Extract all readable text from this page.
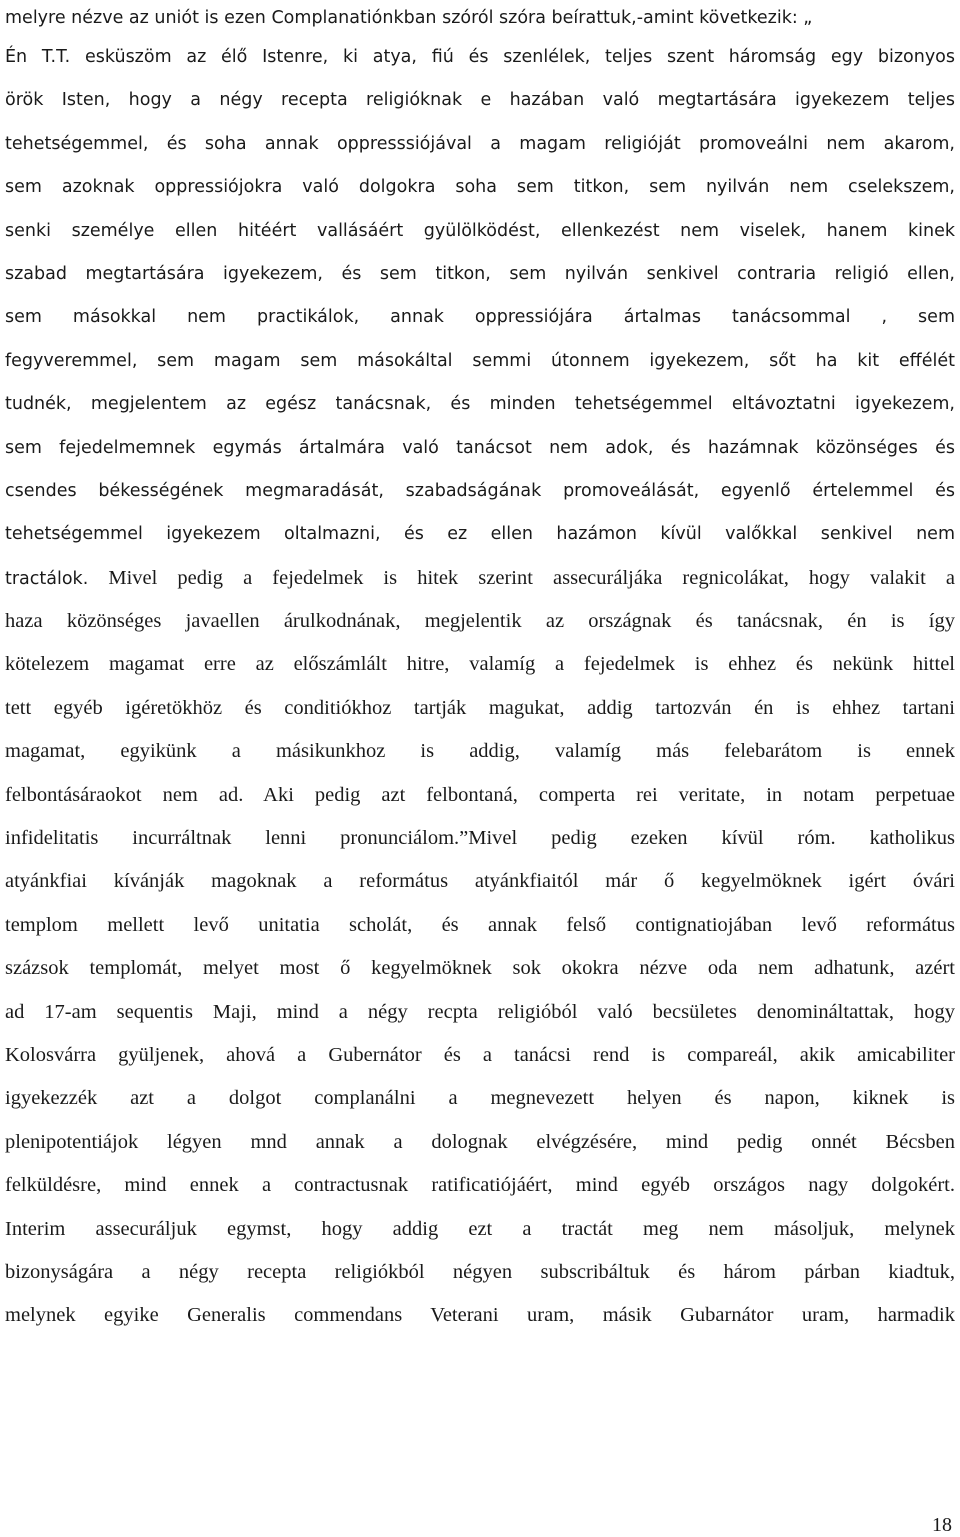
melyre nézve az uniót is ezen Complanatiónkban szóról szóra beírattuk,-amint következik: „
Én T.T. esküszöm az élő Istenre, ki atya, fiú és szenlélek, teljes szent háromság egy bizonyos
örök Isten, hogy a négy recepta religióknak e hazában való megtartására igyekezem teljes
tehetségemmel, és soha annak oppresssiójával a magam religióját promoveálni nem akarom,
sem azoknak oppressiójokra való dolgokra soha sem titkon, sem nyilván nem cselekszem,
senki személye ellen hitéért vallásáért gyülölködést, ellenkezést nem viselek, hanem kinek
szabad megtartására igyekezem, és sem titkon, sem nyilván senkivel contraria religió ellen,
sem másokkal nem practikálok, annak oppressiójára ártalmas tanácsommal , sem
fegyveremmel, sem magam sem másokáltal semmi útonnem igyekezem, sőt ha kit effélét
tudnék, megjelentem az egész tanácsnak, és minden tehetségemmel eltávoztatni igyekezem,
sem fejedelmemnek egymás ártalmára való tanácsot nem adok, és hazámnak közönséges és
csendes békességének megmaradását, szabadságának promoveálását, egyenlő értelemmel és
tehetségemmel igyekezem oltalmazni, és ez ellen hazámon kívül valőkkal senkivel nem
tractálok. Mivel pedig a fejedelmek is hitek szerint assecuráljáka regnicolákat, hogy valakit a
haza közönséges javaellen árulkodnának, megjelentik az országnak és tanácsnak, én is így
kötelezem magamat erre az előszámlált hitre, valamíg a fejedelmek is ehhez és nekünk hittel
tett egyéb igéretökhöz és conditiókhoz tartják magukat, addig tartozván én is ehhez tartani
magamat, egyikünk a másikunkhoz is addig, valamíg más felebarátom is ennek
felbontásáraokot nem ad. Aki pedig azt felbontaná, comperta rei veritate, in notam perpetuae
infidelitatis incurráltnak lenni pronunciálom.”Mivel pedig ezeken kívül róm. katholikus
atyánkfiai kívánják magoknak a református atyánkfiaitól már ő kegyelmöknek igért óvári
templom mellett levő unitatia scholát, és annak felső contignatiojában levő református
százsok templomát, melyet most ő kegyelmöknek sok okokra nézve oda nem adhatunk, azért
ad 17-am sequentis Maji, mind a négy recpta religióból való becsületes denomináltattak, hogy
Kolosvárra gyüljenek, ahová a Gubernátor és a tanácsi rend is compareál, akik amicabiliter
igyekezzék azt a dolgot complanálni a megnevezett helyen és napon, kiknek is
plenipotentiájok légyen mnd annak a dolognak elvégzésére, mind pedig onnét Bécsben
felküldésre, mind ennek a contractusnak ratificatiójáért, mind egyéb országos nagy dolgokért.
Interim assecuráljuk egymst, hogy addig ezt a tractát meg nem másoljuk, melynek
bizonyságára a négy recepta religiókból négyen subscribáltuk és három párban kiadtuk,
melynek egyike Generalis commendans Veterani uram, másik Gubarnátor uram, harmadik
18
